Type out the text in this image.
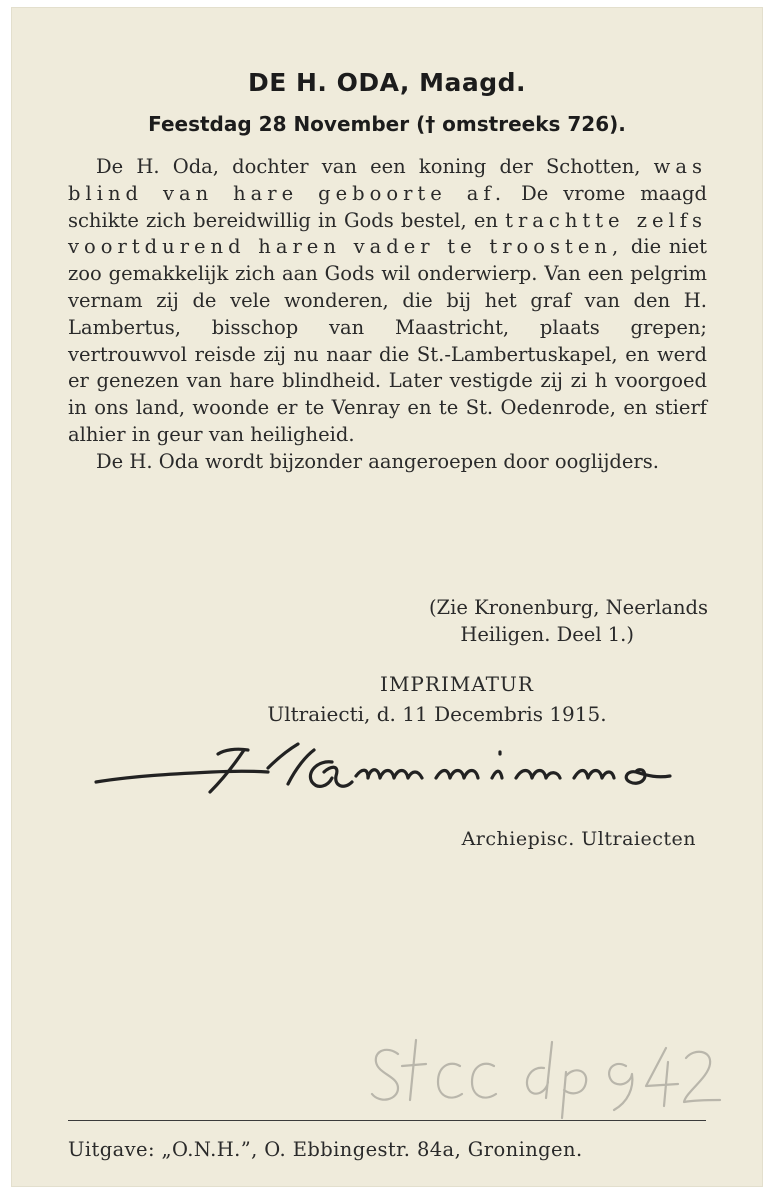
DE H. ODA, Maagd.
Feestdag 28 November († omstreeks 726).

De H. Oda, dochter van een koning der Schotten, was blind van hare geboorte af. De vrome maagd schikte zich bereidwillig in Gods bestel, en trachtte zelfs voortdurend haren vader te troosten, die niet zoo gemakkelijk zich aan Gods wil onderwierp. Van een pelgrim vernam zij de vele wonderen, die bij het graf van den H. Lambertus, bisschop van Maastricht, plaats grepen; vertrouwvol reisde zij nu naar die St.-Lambertuskapel, en werd er genezen van hare blindheid. Later vestigde zij zi h voorgoed in ons land, woonde er te Venray en te St. Oedenrode, en stierf alhier in geur van heiligheid.

De H. Oda wordt bijzonder aangeroepen door ooglijders.

(Zie Kronenburg, Neerlands
Heiligen. Deel 1.)
IMPRIMATUR
Ultraiecti, d. 11 Decembris 1915.
Archiepisc. Ultraiecten
StCC dp 942
Uitgave: „O.N.H.”, O. Ebbingestr. 84a, Groningen.
